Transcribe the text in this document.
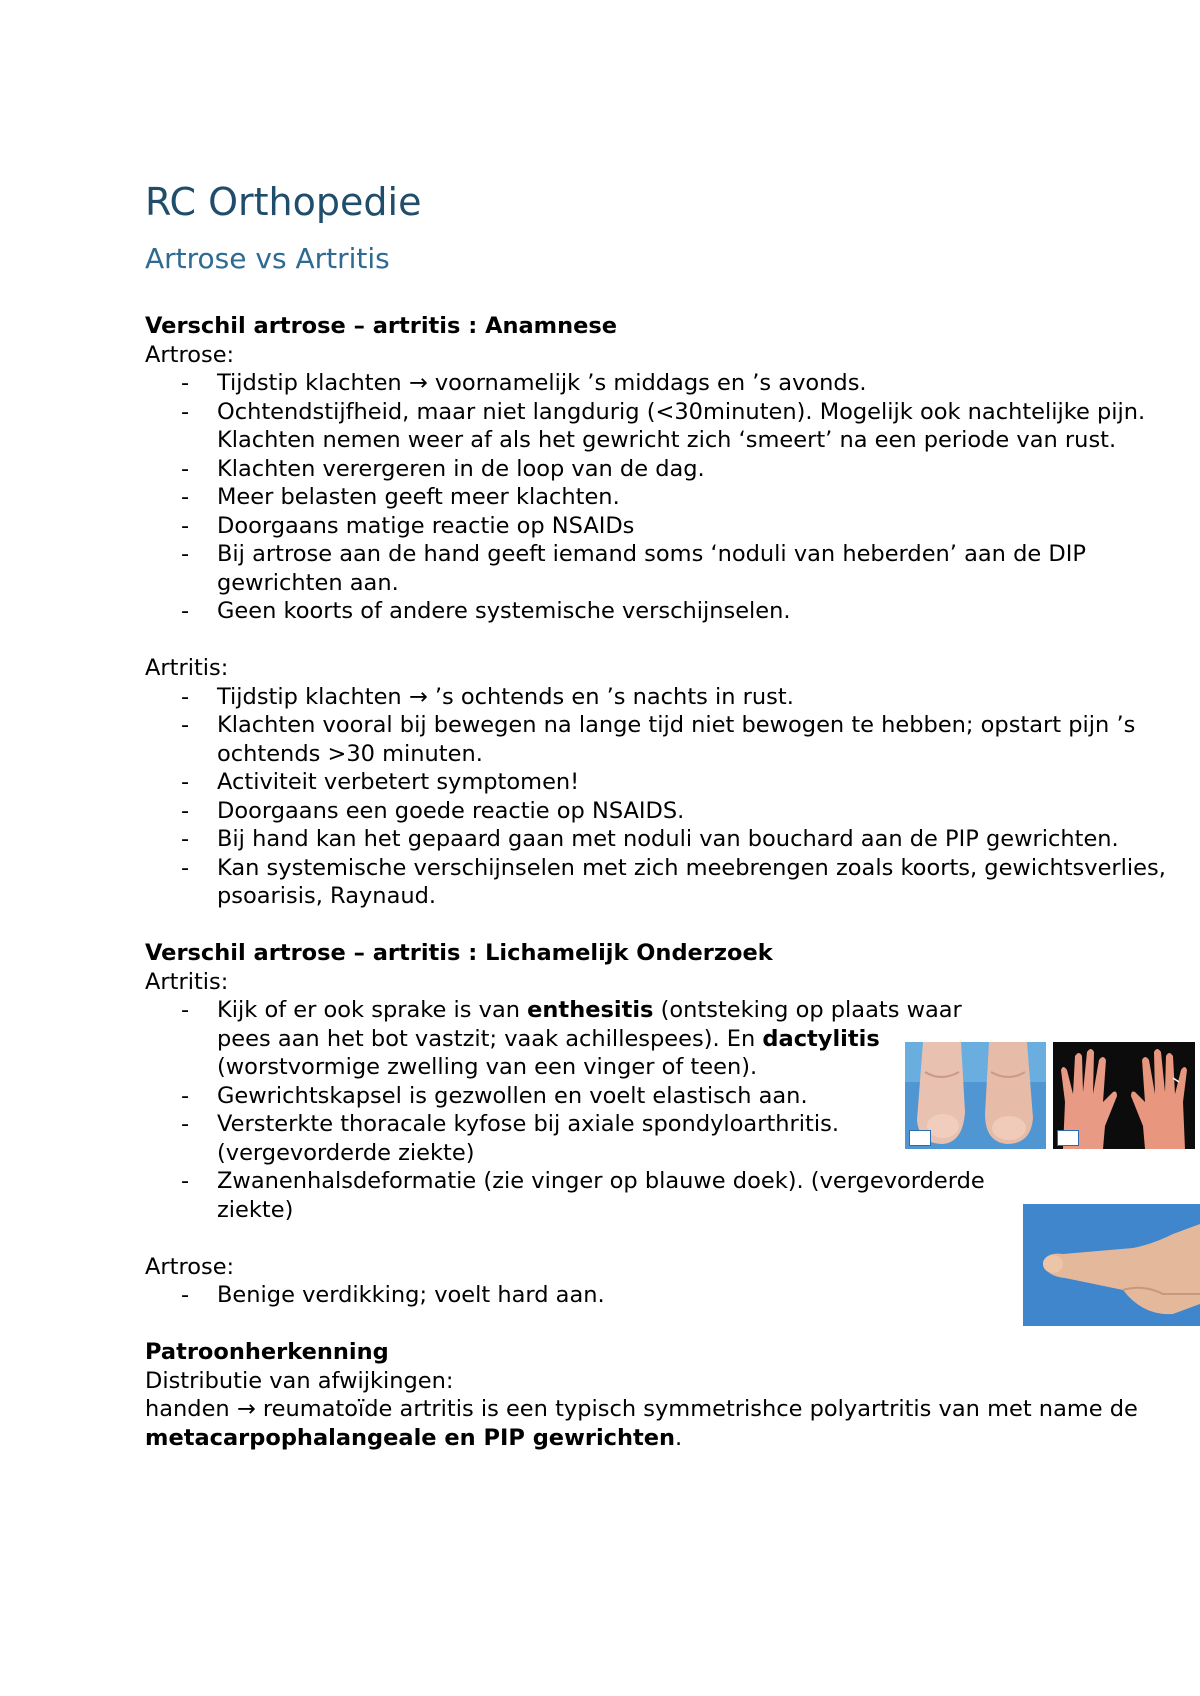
RC Orthopedie
Artrose vs Artritis
Verschil artrose – artritis : Anamnese
Artrose:
- Tijdstip klachten → voornamelijk ’s middags en ’s avonds.
- Ochtendstijfheid, maar niet langdurig (<30minuten). Mogelijk ook nachtelijke pijn. Klachten nemen weer af als het gewricht zich ‘smeert’ na een periode van rust.
- Klachten verergeren in de loop van de dag.
- Meer belasten geeft meer klachten.
- Doorgaans matige reactie op NSAIDs
- Bij artrose aan de hand geeft iemand soms ‘noduli van heberden’ aan de DIP gewrichten aan.
- Geen koorts of andere systemische verschijnselen.
Artritis:
- Tijdstip klachten → ’s ochtends en ’s nachts in rust.
- Klachten vooral bij bewegen na lange tijd niet bewogen te hebben; opstart pijn ’s ochtends >30 minuten.
- Activiteit verbetert symptomen!
- Doorgaans een goede reactie op NSAIDS.
- Bij hand kan het gepaard gaan met noduli van bouchard aan de PIP gewrichten.
- Kan systemische verschijnselen met zich meebrengen zoals koorts, gewichtsverlies, psoarisis, Raynaud.
Verschil artrose – artritis : Lichamelijk Onderzoek
Artritis:
- Kijk of er ook sprake is van enthesitis (ontsteking op plaats waar pees aan het bot vastzit; vaak achillespees). En dactylitis (worstvormige zwelling van een vinger of teen).
- Gewrichtskapsel is gezwollen en voelt elastisch aan.
- Versterkte thoracale kyfose bij axiale spondyloarthritis. (vergevorderde ziekte)
- Zwanenhalsdeformatie (zie vinger op blauwe doek). (vergevorderde ziekte)
Artrose:
- Benige verdikking; voelt hard aan.
Patroonherkenning
Distributie van afwijkingen:
handen → reumatoïde artritis is een typisch symmetrishce polyartritis van met name de metacarpophalangeale en PIP gewrichten.
